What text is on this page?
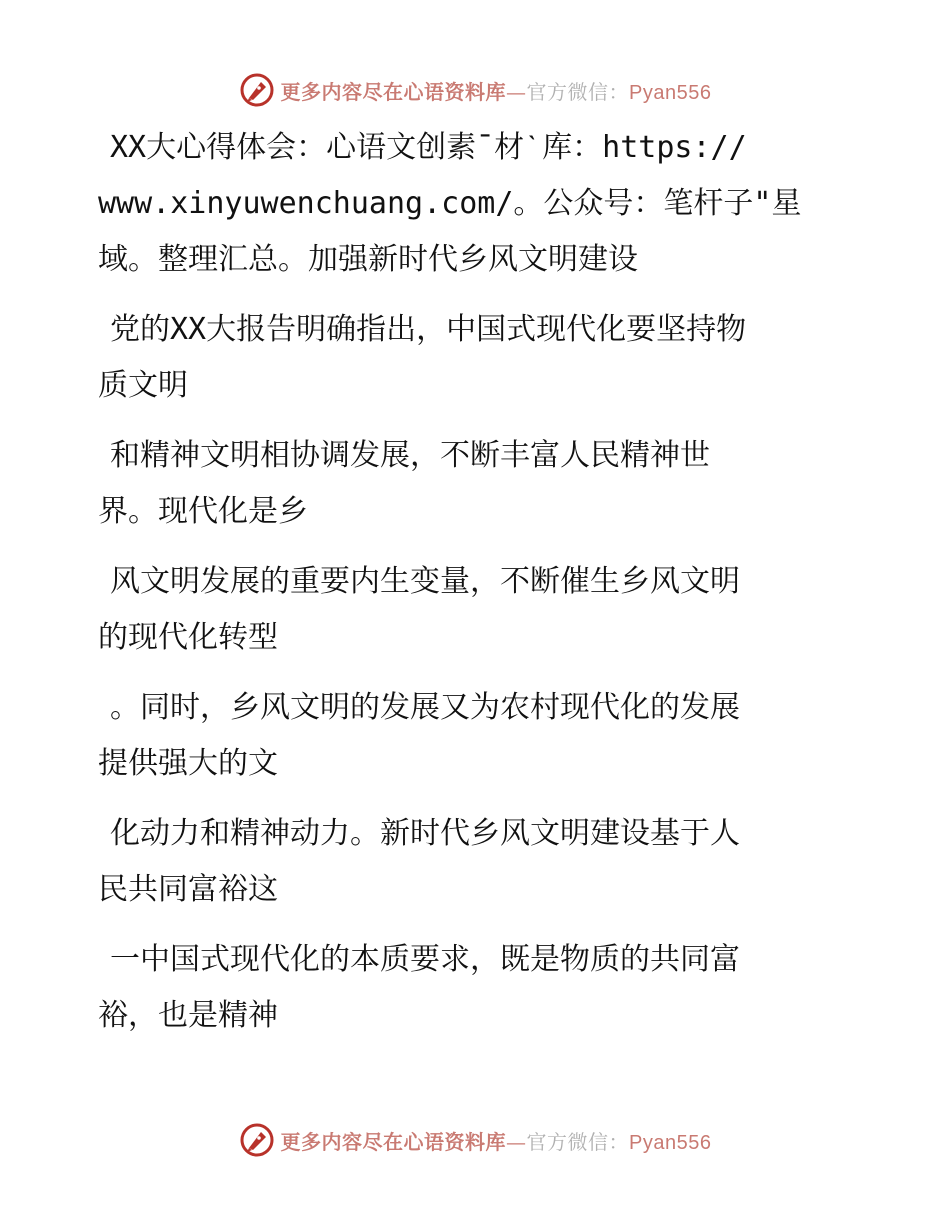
更多内容尽在心语资料库—官方微信：Pyan556

XX大心得体会：心语文创素¯材ˋ库：https://
www.xinyuwenchuang.com/。公众号：笔杆子"星
域。整理汇总。加强新时代乡风文明建设

党的XX大报告明确指出，中国式现代化要坚持物
质文明

和精神文明相协调发展，不断丰富人民精神世
界。现代化是乡

风文明发展的重要内生变量，不断催生乡风文明
的现代化转型

。同时，乡风文明的发展又为农村现代化的发展
提供强大的文

化动力和精神动力。新时代乡风文明建设基于人
民共同富裕这

一中国式现代化的本质要求，既是物质的共同富
裕，也是精神

更多内容尽在心语资料库—官方微信：Pyan556
